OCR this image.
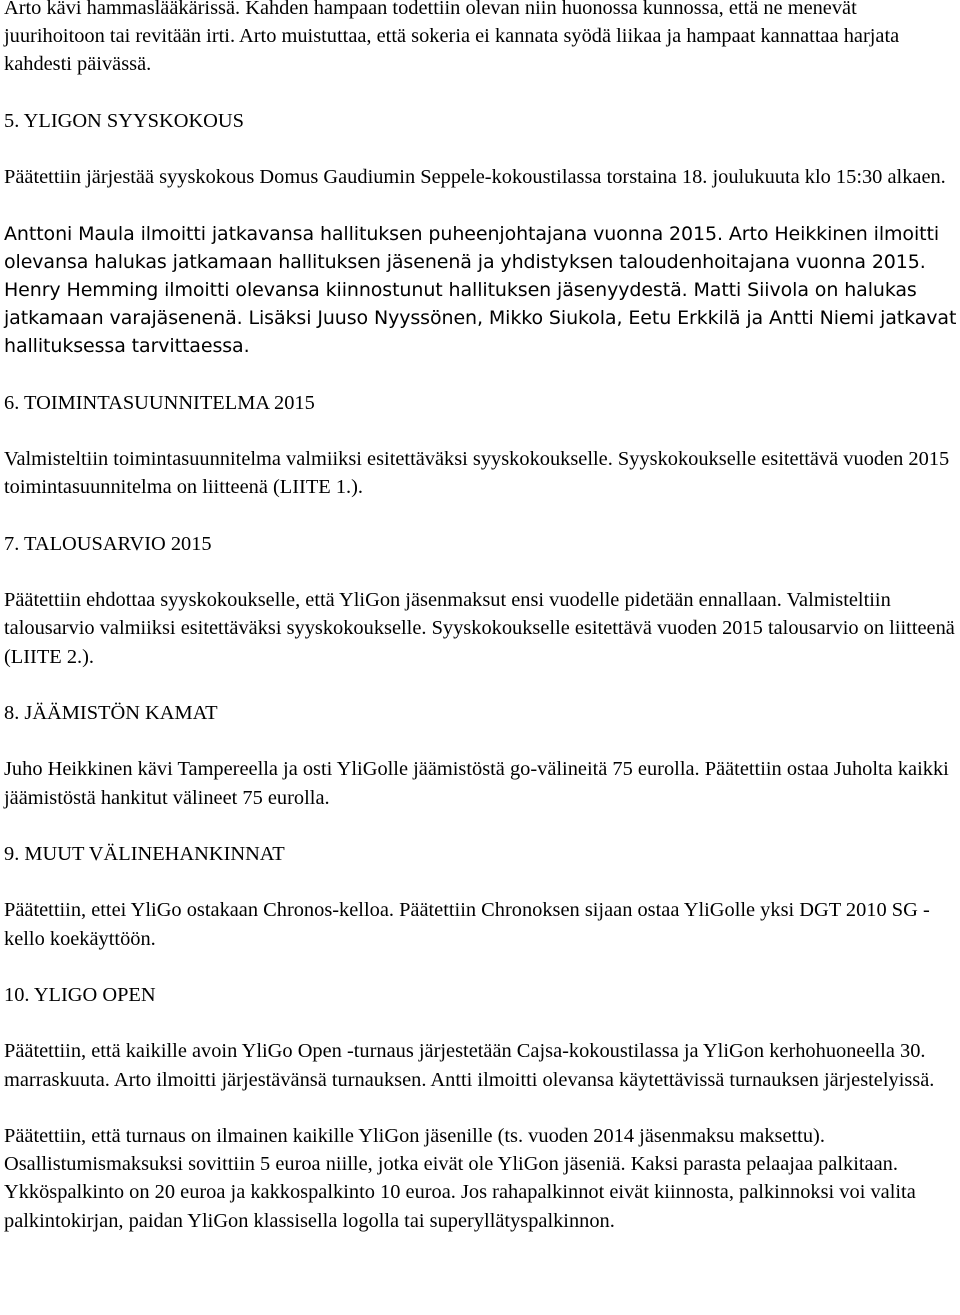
Arto kävi hammaslääkärissä. Kahden hampaan todettiin olevan niin huonossa kunnossa, että ne menevät juurihoitoon tai revitään irti. Arto muistuttaa, että sokeria ei kannata syödä liikaa ja hampaat kannattaa harjata kahdesti päivässä.

5. YLIGON SYYSKOKOUS

Päätettiin järjestää syyskokous Domus Gaudiumin Seppele-kokoustilassa torstaina 18. joulukuuta klo 15:30 alkaen.

Anttoni Maula ilmoitti jatkavansa hallituksen puheenjohtajana vuonna 2015. Arto Heikkinen ilmoitti olevansa halukas jatkamaan hallituksen jäsenenä ja yhdistyksen taloudenhoitajana vuonna 2015. Henry Hemming ilmoitti olevansa kiinnostunut hallituksen jäsenyydestä. Matti Siivola on halukas jatkamaan varajäsenenä. Lisäksi Juuso Nyyssönen, Mikko Siukola, Eetu Erkkilä ja Antti Niemi jatkavat hallituksessa tarvittaessa.

6. TOIMINTASUUNNITELMA 2015

Valmisteltiin toimintasuunnitelma valmiiksi esitettäväksi syyskokoukselle. Syyskokoukselle esitettävä vuoden 2015 toimintasuunnitelma on liitteenä (LIITE 1.).

7. TALOUSARVIO 2015

Päätettiin ehdottaa syyskokoukselle, että YliGon jäsenmaksut ensi vuodelle pidetään ennallaan. Valmisteltiin talousarvio valmiiksi esitettäväksi syyskokoukselle. Syyskokoukselle esitettävä vuoden 2015 talousarvio on liitteenä (LIITE 2.).

8. JÄÄMISTÖN KAMAT

Juho Heikkinen kävi Tampereella ja osti YliGolle jäämistöstä go-välineitä 75 eurolla. Päätettiin ostaa Juholta kaikki jäämistöstä hankitut välineet 75 eurolla.

9. MUUT VÄLINEHANKINNAT

Päätettiin, ettei YliGo ostakaan Chronos-kelloa. Päätettiin Chronoksen sijaan ostaa YliGolle yksi DGT 2010 SG -kello koekäyttöön.

10. YLIGO OPEN

Päätettiin, että kaikille avoin YliGo Open -turnaus järjestetään Cajsa-kokoustilassa ja YliGon kerhohuoneella 30. marraskuuta. Arto ilmoitti järjestävänsä turnauksen. Antti ilmoitti olevansa käytettävissä turnauksen järjestelyissä.

Päätettiin, että turnaus on ilmainen kaikille YliGon jäsenille (ts. vuoden 2014 jäsenmaksu maksettu). Osallistumismaksuksi sovittiin 5 euroa niille, jotka eivät ole YliGon jäseniä. Kaksi parasta pelaajaa palkitaan. Ykköspalkinto on 20 euroa ja kakkospalkinto 10 euroa. Jos rahapalkinnot eivät kiinnosta, palkinnoksi voi valita palkintokirjan, paidan YliGon klassisella logolla tai superyllätyspalkinnon.
